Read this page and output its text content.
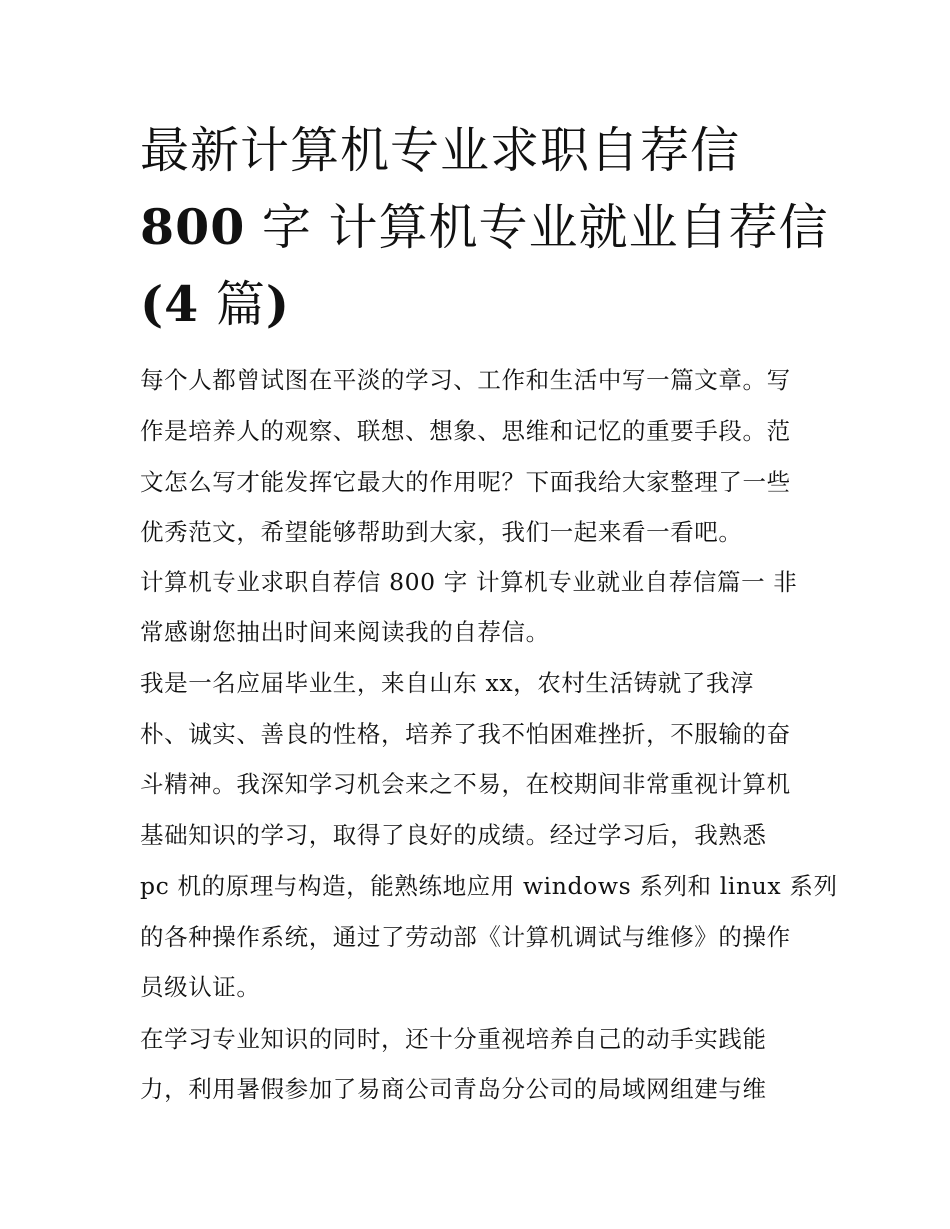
最新计算机专业求职自荐信
800 字 计算机专业就业自荐信
(4 篇)
每个人都曾试图在平淡的学习、工作和生活中写一篇文章。写
作是培养人的观察、联想、想象、思维和记忆的重要手段。范
文怎么写才能发挥它最大的作用呢？下面我给大家整理了一些
优秀范文，希望能够帮助到大家，我们一起来看一看吧。
计算机专业求职自荐信 800 字 计算机专业就业自荐信篇一 非
常感谢您抽出时间来阅读我的自荐信。
我是一名应届毕业生，来自山东 xx，农村生活铸就了我淳
朴、诚实、善良的性格，培养了我不怕困难挫折，不服输的奋
斗精神。我深知学习机会来之不易，在校期间非常重视计算机
基础知识的学习，取得了良好的成绩。经过学习后，我熟悉
pc 机的原理与构造，能熟练地应用 windows 系列和 linux 系列
的各种操作系统，通过了劳动部《计算机调试与维修》的操作
员级认证。
在学习专业知识的同时，还十分重视培养自己的动手实践能
力，利用暑假参加了易商公司青岛分公司的局域网组建与维
